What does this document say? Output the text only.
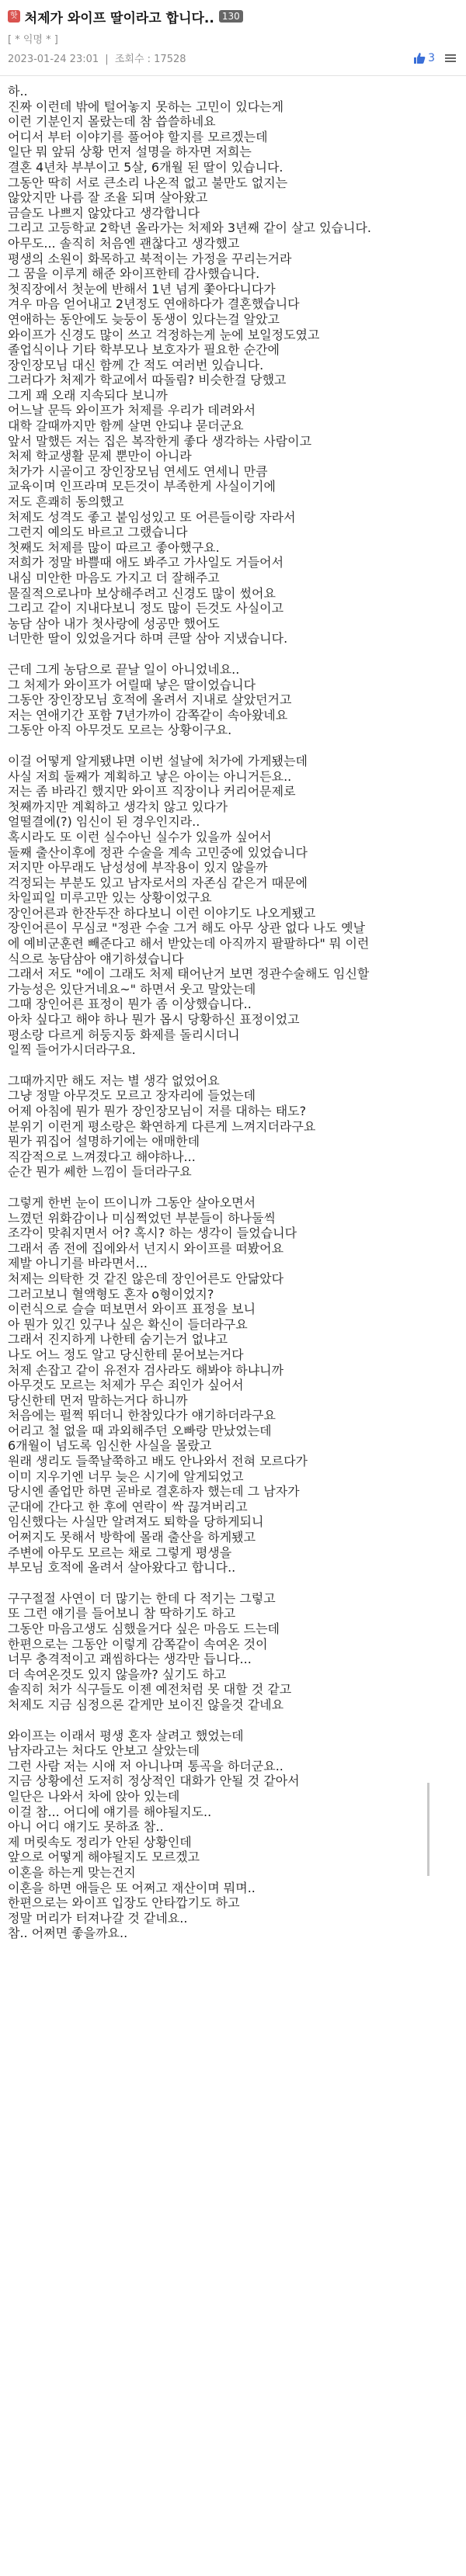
핫 처제가 와이프 딸이라고 합니다.. 130
[ * 익명 * ]
2023-01-24 23:01 | 조회수 : 17528	3
하..
진짜 이런데 밖에 털어놓지 못하는 고민이 있다는게
이런 기분인지 몰랐는데 참 씁쓸하네요
어디서 부터 이야기를 풀어야 할지를 모르겠는데
일단 뭐 앞뒤 상황 먼저 설명을 하자면 저희는
결혼 4년차 부부이고 5살, 6개월 된 딸이 있습니다.
그동안 딱히 서로 큰소리 나온적 없고 불만도 없지는
않았지만 나름 잘 조율 되며 살아왔고
금슬도 나쁘지 않았다고 생각합니다
그리고 고등학교 2학년 올라가는 처제와 3년째 같이 살고 있습니다.
아무도... 솔직히 처음엔 괜찮다고 생각했고
평생의 소원이 화목하고 북적이는 가정을 꾸리는거라
그 꿈을 이루게 해준 와이프한테 감사했습니다.
첫직장에서 첫눈에 반해서 1년 넘게 쫓아다니다가
겨우 마음 얻어내고 2년정도 연애하다가 결혼했습니다
연애하는 동안에도 늦둥이 동생이 있다는걸 알았고
와이프가 신경도 많이 쓰고 걱정하는게 눈에 보일정도였고
졸업식이나 기타 학부모나 보호자가 필요한 순간에
장인장모님 대신 함께 간 적도 여러번 있습니다.
그러다가 처제가 학교에서 따돌림? 비슷한걸 당했고
그게 꽤 오래 지속되다 보니까
어느날 문득 와이프가 처제를 우리가 데려와서
대학 갈때까지만 함께 살면 안되냐 묻더군요
앞서 말했든 저는 집은 복작한게 좋다 생각하는 사람이고
처제 학교생활 문제 뿐만이 아니라
처가가 시골이고 장인장모님 연세도 연세니 만큼
교육이며 인프라며 모든것이 부족한게 사실이기에
저도 흔쾌히 동의했고
처제도 성격도 좋고 붙임성있고 또 어른들이랑 자라서
그런지 예의도 바르고 그랬습니다
첫째도 처제를 많이 따르고 좋아했구요.
저희가 정말 바쁠때 애도 봐주고 가사일도 거들어서
내심 미안한 마음도 가지고 더 잘해주고
물질적으로나마 보상해주려고 신경도 많이 썼어요
그리고 같이 지내다보니 정도 많이 든것도 사실이고
농담 삼아 내가 첫사랑에 성공만 했어도
너만한 딸이 있었을거다 하며 큰딸 삼아 지냈습니다.
근데 그게 농담으로 끝날 일이 아니었네요..
그 처제가 와이프가 어릴때 낳은 딸이었습니다
그동안 장인장모님 호적에 올려서 지내로 살았던거고
저는 연애기간 포함 7년가까이 감쪽같이 속아왔네요
그동안 아직 아무것도 모르는 상황이구요.
이걸 어떻게 알게됐냐면 이번 설날에 처가에 가게됐는데
사실 저희 둘째가 계획하고 낳은 아이는 아니거든요..
저는 좀 바라긴 했지만 와이프 직장이나 커리어문제로
첫째까지만 계획하고 생각치 않고 있다가
얼떨결에(?) 임신이 된 경우인지라..
혹시라도 또 이런 실수아닌 실수가 있을까 싶어서
둘째 출산이후에 정관 수술을 계속 고민중에 있었습니다
저지만 아무래도 남성성에 부작용이 있지 않을까
걱정되는 부분도 있고 남자로서의 자존심 같은거 때문에
차일피일 미루고만 있는 상황이었구요
장인어른과 한잔두잔 하다보니 이런 이야기도 나오게됐고
장인어른이 무심코 "정관 수술 그거 해도 아무 상관 없다 나도 옛날
에 예비군훈련 빼준다고 해서 받았는데 아직까지 팔팔하다" 뭐 이런
식으로 농담삼아 얘기하셨습니다
그래서 저도 "에이 그래도 처제 태어난거 보면 정관수술해도 임신할
가능성은 있단거네요~" 하면서 웃고 말았는데
그때 장인어른 표정이 뭔가 좀 이상했습니다..
아차 싶다고 해야 하나 뭔가 몹시 당황하신 표정이었고
평소랑 다르게 허둥지둥 화제를 돌리시더니
일찍 들어가시더라구요.
그때까지만 해도 저는 별 생각 없었어요
그냥 정말 아무것도 모르고 장자리에 들었는데
어제 아침에 뭔가 뭔가 장인장모님이 저를 대하는 태도?
분위기 이런게 평소랑은 확연하게 다른게 느껴지더라구요
뭔가 꿔집어 설명하기에는 애매한데
직감적으로 느껴졌다고 해야하나...
순간 뭔가 쎄한 느낌이 들더라구요
그렇게 한번 눈이 뜨이니까 그동안 살아오면서
느꼈던 위화감이나 미심쩍었던 부분들이 하나둘씩
조각이 맞춰지면서 어? 혹시? 하는 생각이 들었습니다
그래서 좀 전에 집에와서 넌지시 와이프를 떠봤어요
제발 아니기를 바라면서...
처제는 의탁한 것 같진 않은데 장인어른도 안닮았다
그러고보니 혈액형도 혼자 o형이었지?
이런식으로 슬슬 떠보면서 와이프 표정을 보니
아 뭔가 있긴 있구나 싶은 확신이 들더라구요
그래서 진지하게 나한테 숨기는거 없냐고
나도 어느 정도 알고 당신한테 묻어보는거다
처제 손잡고 같이 유전자 검사라도 해봐야 하냐니까
아무것도 모르는 처제가 무슨 죄인가 싶어서
당신한테 먼저 말하는거다 하니까
처음에는 펄쩍 뛰더니 한참있다가 얘기하더라구요
어리고 철 없을 때 과외해주던 오빠랑 만났었는데
6개월이 넘도록 임신한 사실을 몰랐고
원래 생리도 들쭉날쭉하고 배도 안나와서 전혀 모르다가
이미 지우기엔 너무 늦은 시기에 알게되었고
당시엔 졸업만 하면 곧바로 결혼하자 했는데 그 남자가
군대에 간다고 한 후에 연락이 싹 끊겨버리고
임신했다는 사실만 알려져도 퇴학을 당하게되니
어쩌지도 못해서 방학에 몰래 출산을 하게됐고
주변에 아무도 모르는 채로 그렇게 평생을
부모님 호적에 올려서 살아왔다고 합니다..
구구절절 사연이 더 많기는 한데 다 적기는 그렇고
또 그런 얘기를 들어보니 참 딱하기도 하고
그동안 마음고생도 심했을거다 싶은 마음도 드는데
한편으로는 그동안 이렇게 감쪽같이 속여온 것이
너무 충격적이고 괘씸하다는 생각만 듭니다...
더 속여온것도 있지 않을까? 싶기도 하고
솔직히 처가 식구들도 이젠 예전처럼 못 대할 것 같고
처제도 지금 심정으론 같게만 보이진 않을것 같네요
와이프는 이래서 평생 혼자 살려고 했었는데
남자라고는 처다도 안보고 살았는데
그런 사람 저는 시애 저 아니나며 통곡을 하더군요..
지금 상황에선 도저히 정상적인 대화가 안될 것 같아서
일단은 나와서 차에 앉아 있는데
이걸 참... 어디에 얘기를 해야될지도..
아니 어디 얘기도 못하죠 참..
제 머릿속도 정리가 안된 상황인데
앞으로 어떻게 해야될지도 모르겠고
이혼을 하는게 맞는건지
이혼을 하면 애들은 또 어쩌고 재산이며 뭐며..
한편으로는 와이프 입장도 안타깝기도 하고
정말 머리가 터져나갈 것 같네요..
참.. 어쩌면 좋을까요..
